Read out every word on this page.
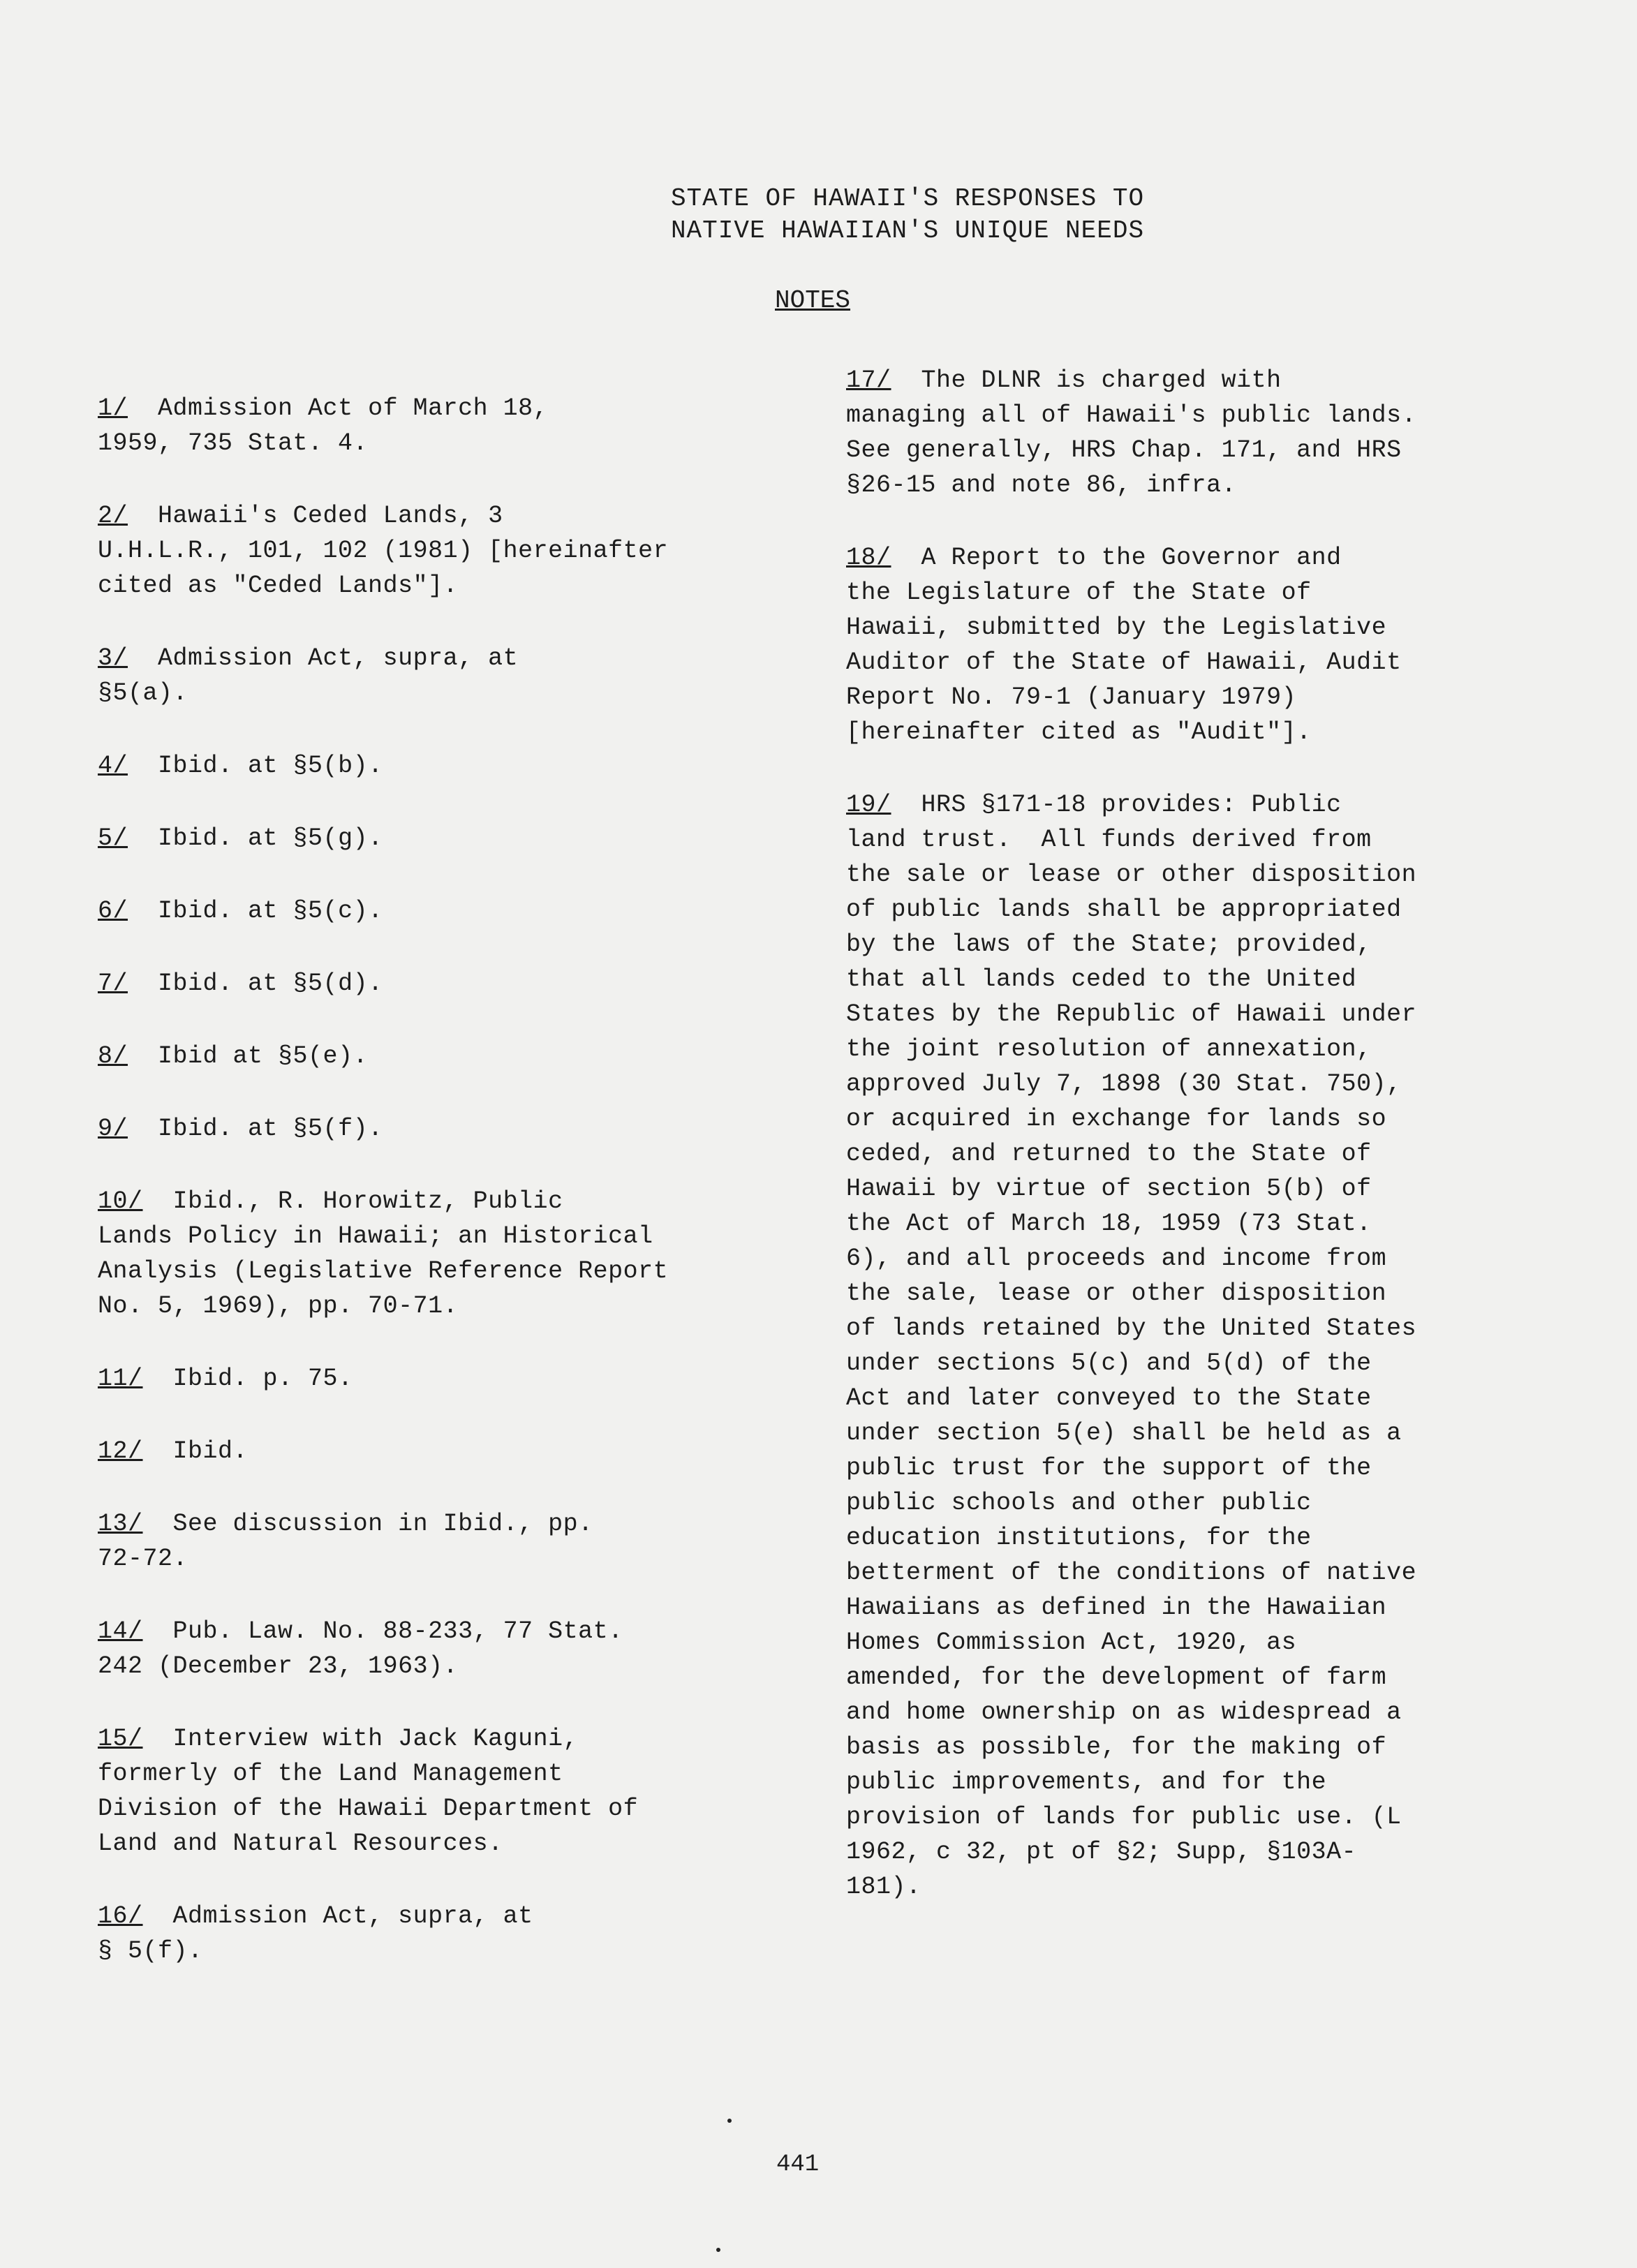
STATE OF HAWAII'S RESPONSES TO
NATIVE HAWAIIAN'S UNIQUE NEEDS
NOTES
1/  Admission Act of March 18,
1959, 735 Stat. 4.
2/  Hawaii's Ceded Lands, 3
U.H.L.R., 101, 102 (1981) [hereinafter
cited as "Ceded Lands"].
3/  Admission Act, supra, at
§5(a).
4/  Ibid. at §5(b).
5/  Ibid. at §5(g).
6/  Ibid. at §5(c).
7/  Ibid. at §5(d).
8/  Ibid at §5(e).
9/  Ibid. at §5(f).
10/  Ibid., R. Horowitz, Public
Lands Policy in Hawaii; an Historical
Analysis (Legislative Reference Report
No. 5, 1969), pp. 70-71.
11/  Ibid. p. 75.
12/  Ibid.
13/  See discussion in Ibid., pp.
72-72.
14/  Pub. Law. No. 88-233, 77 Stat.
242 (December 23, 1963).
15/  Interview with Jack Kaguni,
formerly of the Land Management
Division of the Hawaii Department of
Land and Natural Resources.
16/  Admission Act, supra, at
§ 5(f).
17/  The DLNR is charged with
managing all of Hawaii's public lands.
See generally, HRS Chap. 171, and HRS
§26-15 and note 86, infra.
18/  A Report to the Governor and
the Legislature of the State of
Hawaii, submitted by the Legislative
Auditor of the State of Hawaii, Audit
Report No. 79-1 (January 1979)
[hereinafter cited as "Audit"].
19/  HRS §171-18 provides: Public
land trust.  All funds derived from
the sale or lease or other disposition
of public lands shall be appropriated
by the laws of the State; provided,
that all lands ceded to the United
States by the Republic of Hawaii under
the joint resolution of annexation,
approved July 7, 1898 (30 Stat. 750),
or acquired in exchange for lands so
ceded, and returned to the State of
Hawaii by virtue of section 5(b) of
the Act of March 18, 1959 (73 Stat.
6), and all proceeds and income from
the sale, lease or other disposition
of lands retained by the United States
under sections 5(c) and 5(d) of the
Act and later conveyed to the State
under section 5(e) shall be held as a
public trust for the support of the
public schools and other public
education institutions, for the
betterment of the conditions of native
Hawaiians as defined in the Hawaiian
Homes Commission Act, 1920, as
amended, for the development of farm
and home ownership on as widespread a
basis as possible, for the making of
public improvements, and for the
provision of lands for public use. (L
1962, c 32, pt of §2; Supp, §103A-
181).
441
